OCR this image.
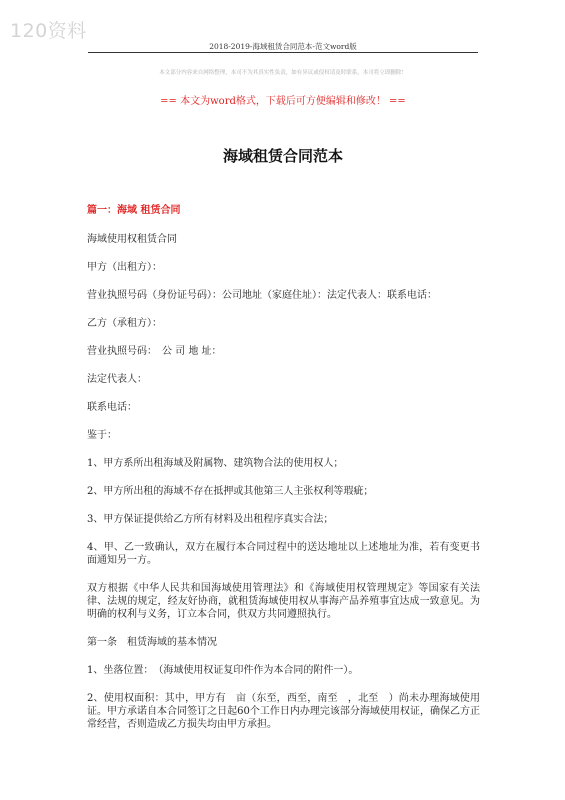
120资料
2018-2019-海域租赁合同范本-范文word版
本文部分内容来自网络整理，本司不为其真实性负责，如有异议或侵权请及时联系，本司将立即删除！
== 本文为word格式，下载后可方便编辑和修改！ ==
海域租赁合同范本
篇一：海域 租赁合同

海域使用权租赁合同

甲方（出租方）：

营业执照号码（身份证号码）：公司地址（家庭住址）：法定代表人：联系电话：

乙方（承租方）：

营业执照号码：　公 司 地 址：

法定代表人：

联系电话：

鉴于：

1、甲方系所出租海域及附属物、建筑物合法的使用权人；

2、甲方所出租的海域不存在抵押或其他第三人主张权利等瑕疵；

3、甲方保证提供给乙方所有材料及出租程序真实合法；

4、甲、乙一致确认，双方在履行本合同过程中的送达地址以上述地址为准，若有变更书面通知另一方。

双方根据《中华人民共和国海域使用管理法》和《海域使用权管理规定》等国家有关法律、法规的规定，经友好协商，就租赁海域使用权从事海产品养殖事宜达成一致意见。为明确的权利与义务，订立本合同，供双方共同遵照执行。

第一条　租赁海域的基本情况

1、坐落位置：　（海域使用权证复印件作为本合同的附件一）。

2、使用权面积：其中，甲方有　亩（东至，西至，南至　，北至　）尚未办理海域使用证。甲方承诺自本合同签订之日起60个工作日内办理完该部分海域使用权证，确保乙方正常经营，否则造成乙方损失均由甲方承担。
